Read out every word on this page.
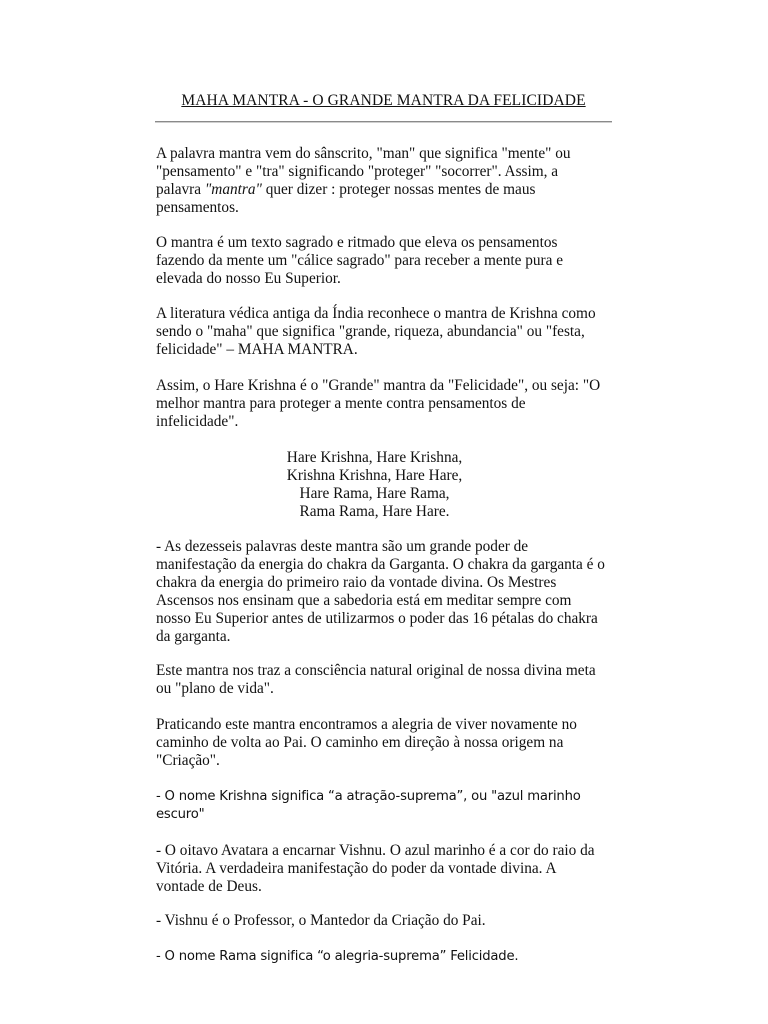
MAHA MANTRA - O GRANDE MANTRA DA FELICIDADE
A palavra mantra vem do sânscrito, "man" que significa "mente" ou
"pensamento" e "tra" significando "proteger" "socorrer". Assim, a
palavra "mantra" quer dizer : proteger nossas mentes de maus
pensamentos.
O mantra é um texto sagrado e ritmado que eleva os pensamentos
fazendo da mente um "cálice sagrado" para receber a mente pura e
elevada do nosso Eu Superior.
A literatura védica antiga da Índia reconhece o mantra de Krishna como
sendo o "maha" que significa "grande, riqueza, abundancia" ou "festa,
felicidade" – MAHA MANTRA.
Assim, o Hare Krishna é o "Grande" mantra da "Felicidade", ou seja: "O
melhor mantra para proteger a mente contra pensamentos de
infelicidade".
Hare Krishna, Hare Krishna,
Krishna Krishna, Hare Hare,
Hare Rama, Hare Rama,
Rama Rama, Hare Hare.
- As dezesseis palavras deste mantra são um grande poder de
manifestação da energia do chakra da Garganta. O chakra da garganta é o
chakra da energia do primeiro raio da vontade divina. Os Mestres
Ascensos nos ensinam que a sabedoria está em meditar sempre com
nosso Eu Superior antes de utilizarmos o poder das 16 pétalas do chakra
da garganta.
Este mantra nos traz a consciência natural original de nossa divina meta
ou "plano de vida".
Praticando este mantra encontramos a alegria de viver novamente no
caminho de volta ao Pai. O caminho em direção à nossa origem na
"Criação".
- O nome Krishna significa “a atração-suprema”, ou "azul marinho
escuro"
- O oitavo Avatara a encarnar Vishnu. O azul marinho é a cor do raio da
Vitória. A verdadeira manifestação do poder da vontade divina. A
vontade de Deus.
- Vishnu é o Professor, o Mantedor da Criação do Pai.
- O nome Rama significa “o alegria-suprema” Felicidade.
